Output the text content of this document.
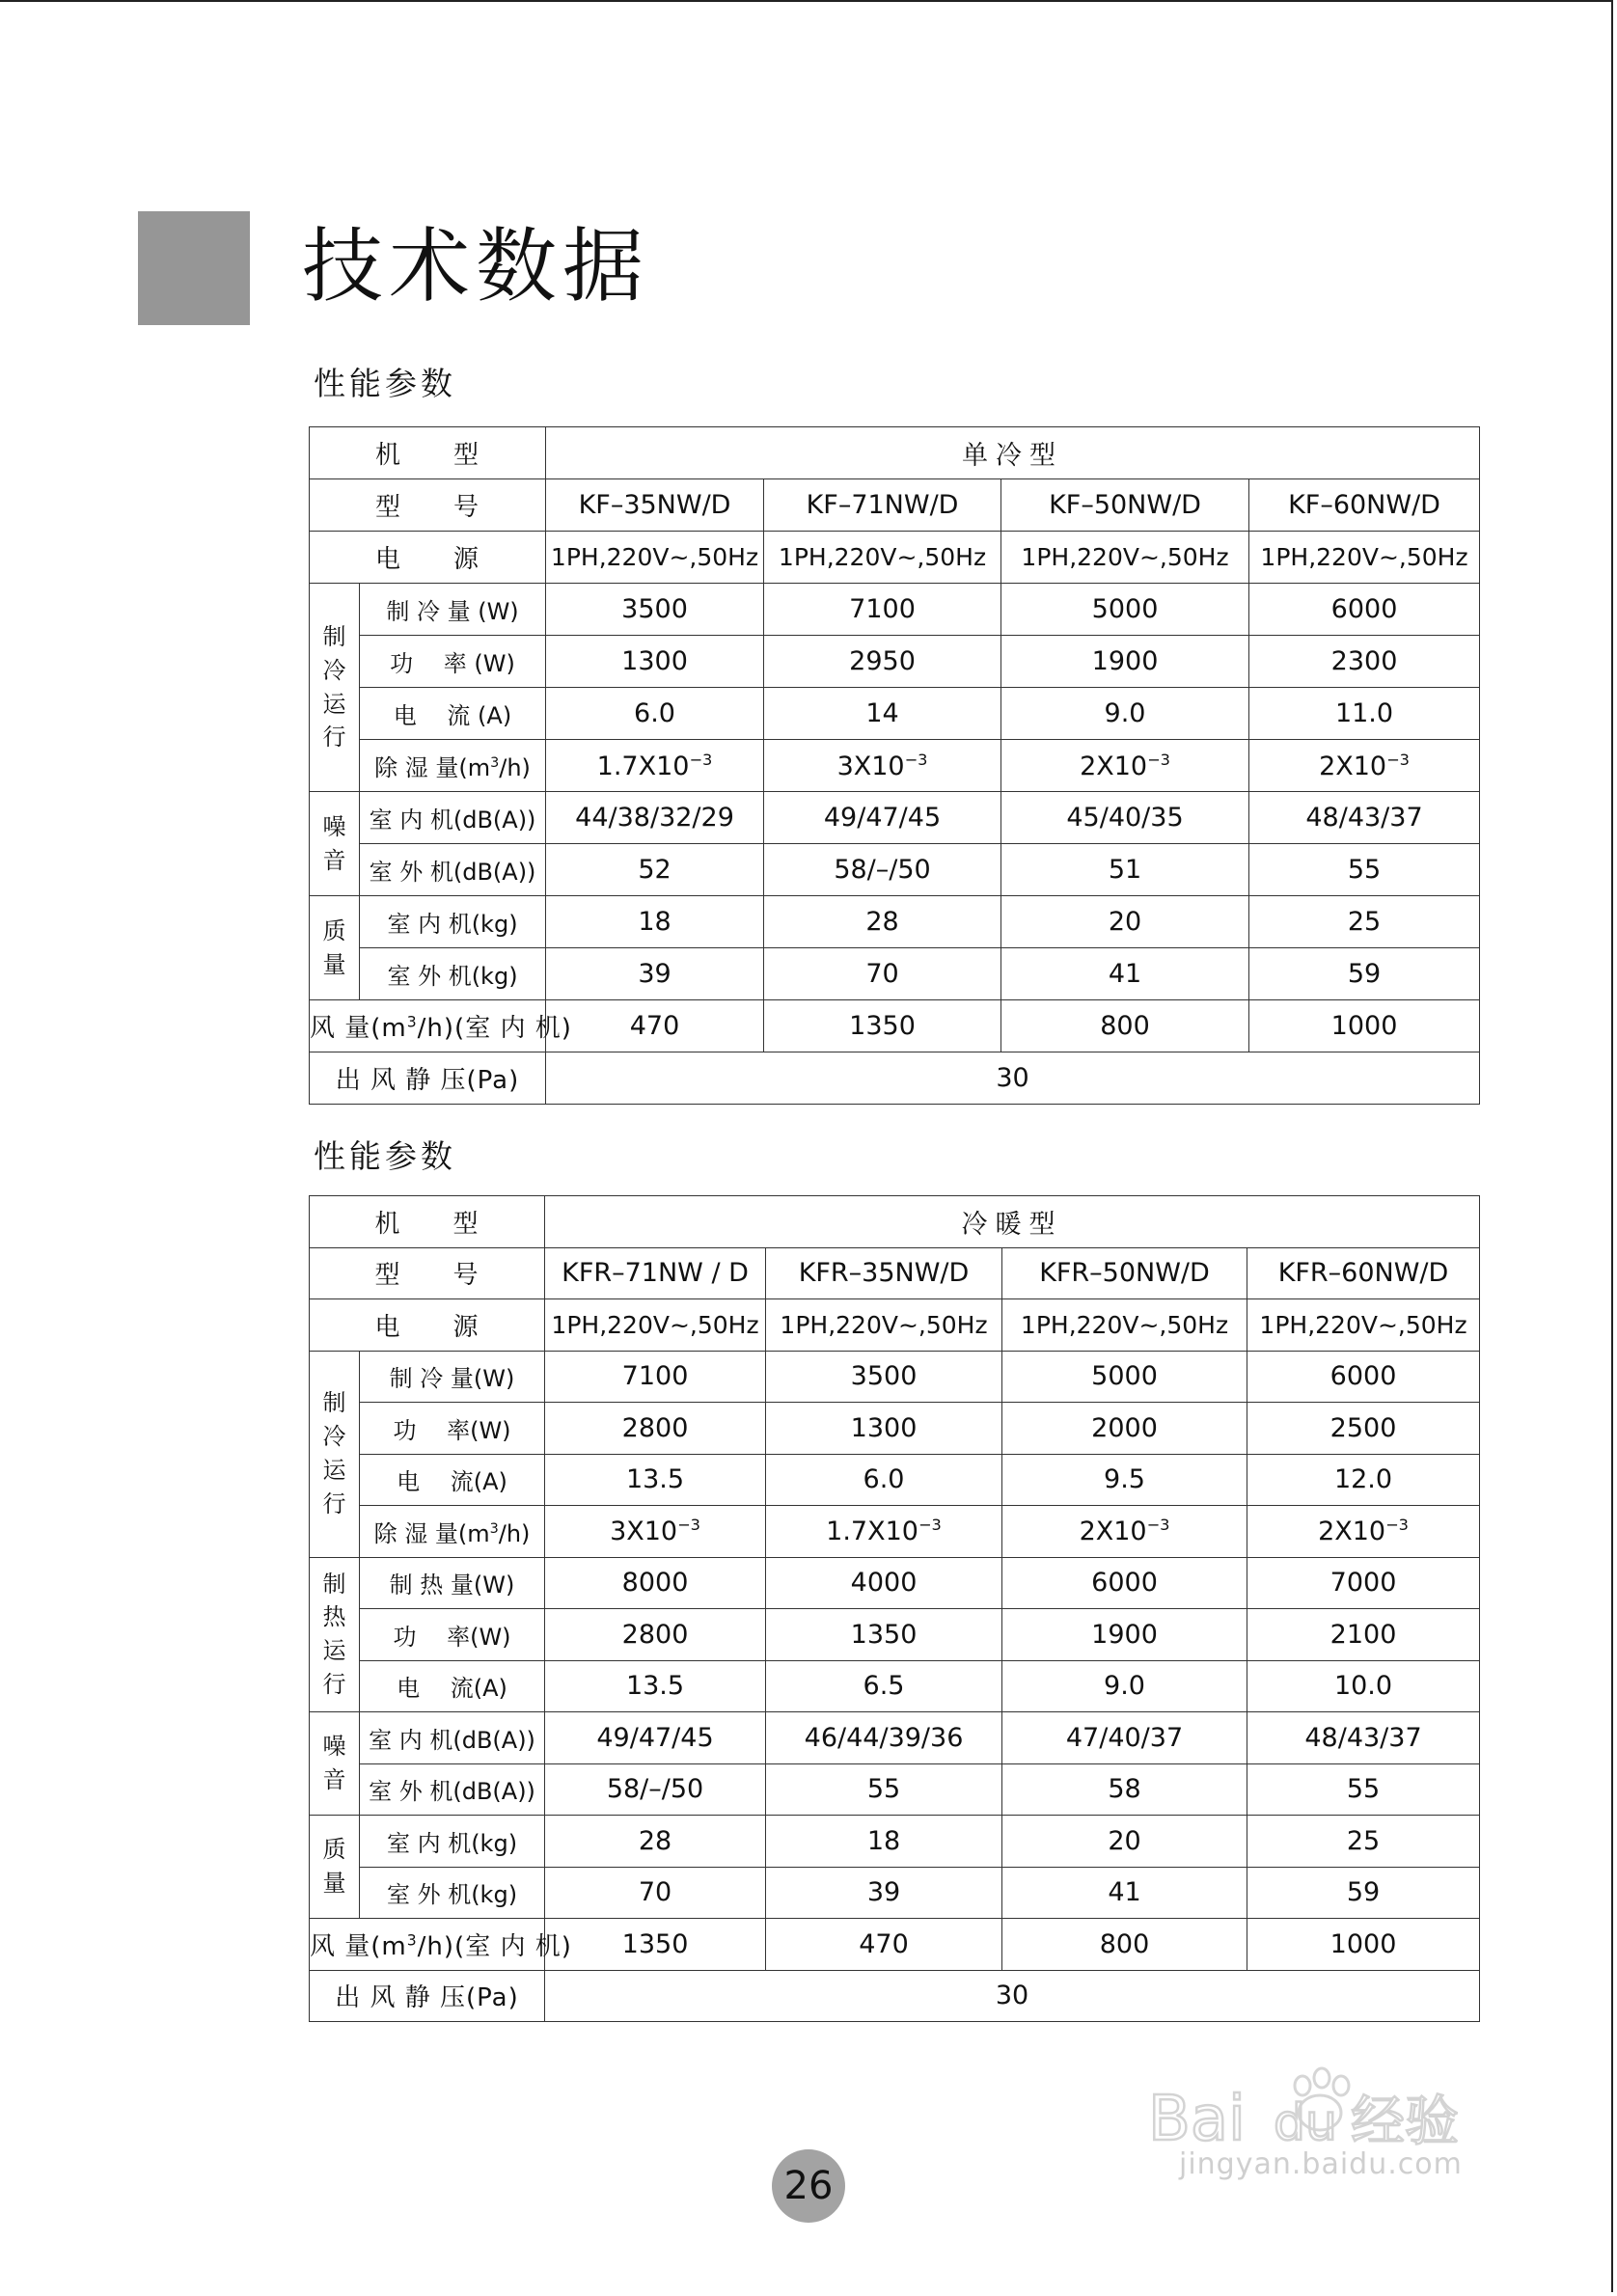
技术数据
性能参数
机　　型		单冷型			
型　　号		KF–35NW/D	KF–71NW/D	KF–50NW/D	KF–60NW/D
电　　源		1PH,220V~,50Hz	1PH,220V~,50Hz	1PH,220V~,50Hz	1PH,220V~,50Hz

制
冷
运
行	制 冷 量 (W)	3500	7100	5000	6000
	功　 率 (W)	1300	2950	1900	2300
	电　 流 (A)	6.0	14	9.0	11.0
	除 湿 量$(m^3/h)$	$1.7X10^{-3}$	$3X10^{-3}$	$2X10^{-3}$	$2X10^{-3}$

噪
音	室 内 机(dB(A))	44/38/32/29	49/47/45	45/40/35	48/43/37
	室 外 机(dB(A))	52	58/–/50	51	55

质
量	室 内 机(kg)	18	28	20	25
	室 外 机(kg)	39	70	41	59
风 量$(m^3/h)$(室 内 机)		470	1350	800	1000
出 风 静 压(Pa)		30			
性能参数
机　　型		冷暖型			
型　　号		KFR–71NW / D	KFR–35NW/D	KFR–50NW/D	KFR–60NW/D
电　　源		1PH,220V~,50Hz	1PH,220V~,50Hz	1PH,220V~,50Hz	1PH,220V~,50Hz

制
冷
运
行	制 冷 量(W)	7100	3500	5000	6000
	功　 率(W)	2800	1300	2000	2500
	电　 流(A)	13.5	6.0	9.5	12.0
	除 湿 量$(m^3/h)$	$3X10^{-3}$	$1.7X10^{-3}$	$2X10^{-3}$	$2X10^{-3}$

制
热
运
行	制 热 量(W)	8000	4000	6000	7000
	功　 率(W)	2800	1350	1900	2100
	电　 流(A)	13.5	6.5	9.0	10.0

噪
音	室 内 机(dB(A))	49/47/45	46/44/39/36	47/40/37	48/43/37
	室 外 机(dB(A))	58/–/50	55	58	55

质
量	室 内 机(kg)	28	18	20	25
	室 外 机(kg)	70	39	41	59
风 量$(m^3/h)$(室 内 机)		1350	470	800	1000
出 风 静 压(Pa)		30			
26
Bai du 经验
jingyan.baidu.com
